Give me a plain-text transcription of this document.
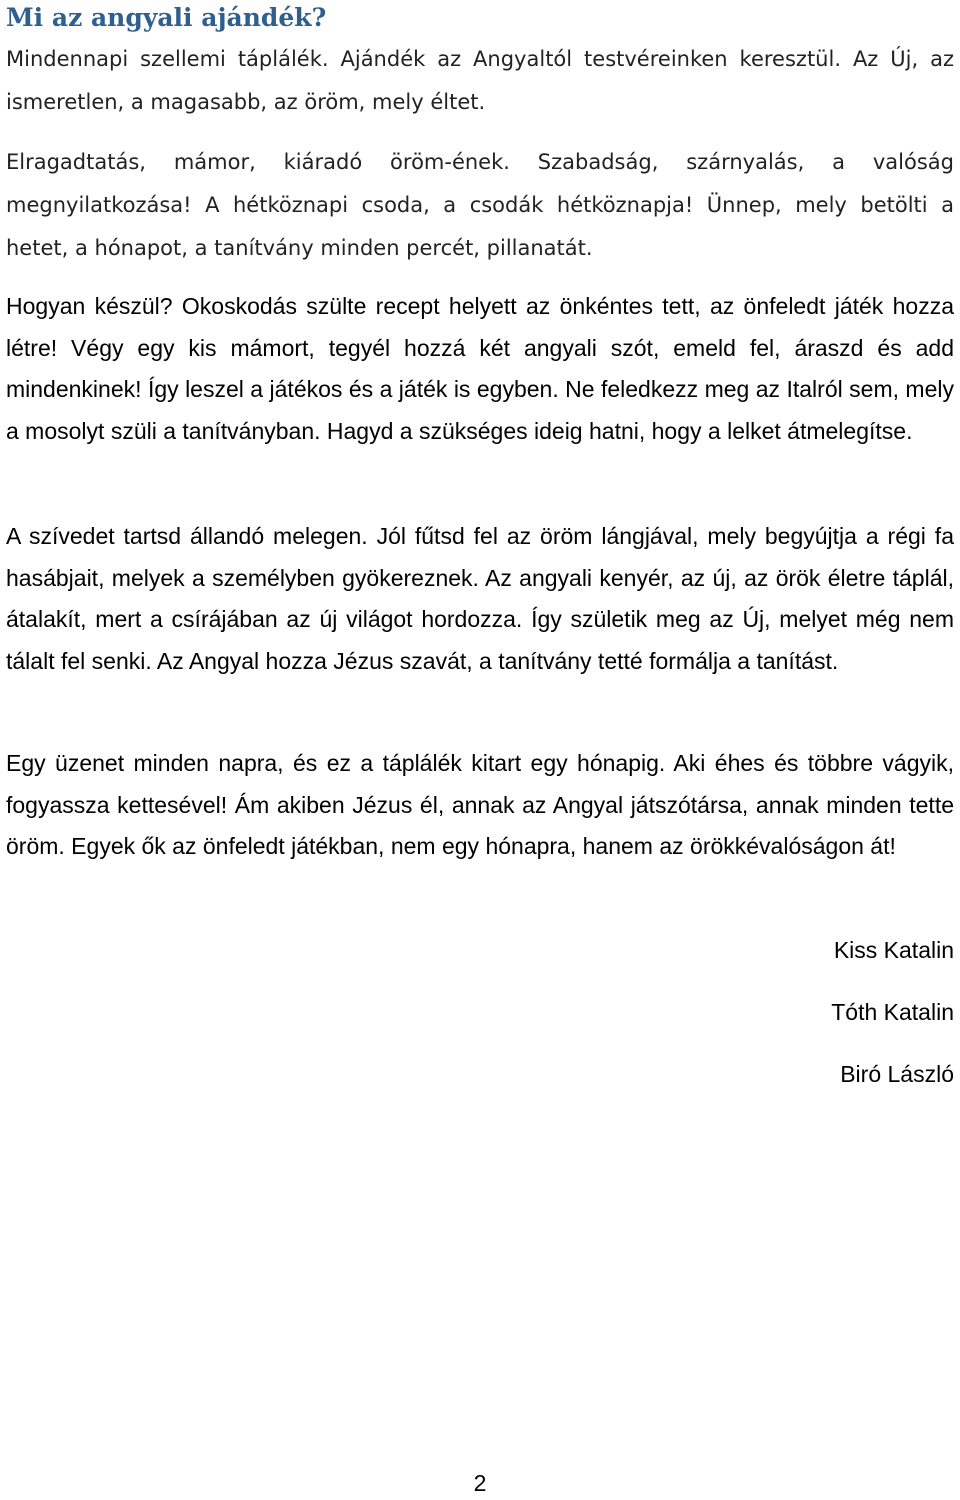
Mi az angyali ajándék?

Mindennapi szellemi táplálék. Ajándék az Angyaltól testvéreinken keresztül. Az Új, az ismeretlen, a magasabb, az öröm, mely éltet.

Elragadtatás, mámor, kiáradó öröm-ének. Szabadság, szárnyalás, a valóság megnyilatkozása! A hétköznapi csoda, a csodák hétköznapja! Ünnep, mely betölti a hetet, a hónapot, a tanítvány minden percét, pillanatát.

Hogyan készül? Okoskodás szülte recept helyett az önkéntes tett, az önfeledt játék hozza létre! Végy egy kis mámort, tegyél hozzá két angyali szót, emeld fel, áraszd és add mindenkinek! Így leszel a játékos és a játék is egyben. Ne feledkezz meg az Italról sem, mely a mosolyt szüli a tanítványban. Hagyd a szükséges ideig hatni, hogy a lelket átmelegítse.

A szívedet tartsd állandó melegen. Jól fűtsd fel az öröm lángjával, mely begyújtja a régi fa hasábjait, melyek a személyben gyökereznek. Az angyali kenyér, az új, az örök életre táplál, átalakít, mert a csírájában az új világot hordozza. Így születik meg az Új, melyet még nem tálalt fel senki. Az Angyal hozza Jézus szavát, a tanítvány tetté formálja a tanítást.

Egy üzenet minden napra, és ez a táplálék kitart egy hónapig. Aki éhes és többre vágyik, fogyassza kettesével! Ám akiben Jézus él, annak az Angyal játszótársa, annak minden tette öröm. Egyek ők az önfeledt játékban, nem egy hónapra, hanem az örökkévalóságon át!

Kiss Katalin
Tóth Katalin
Biró László
2
